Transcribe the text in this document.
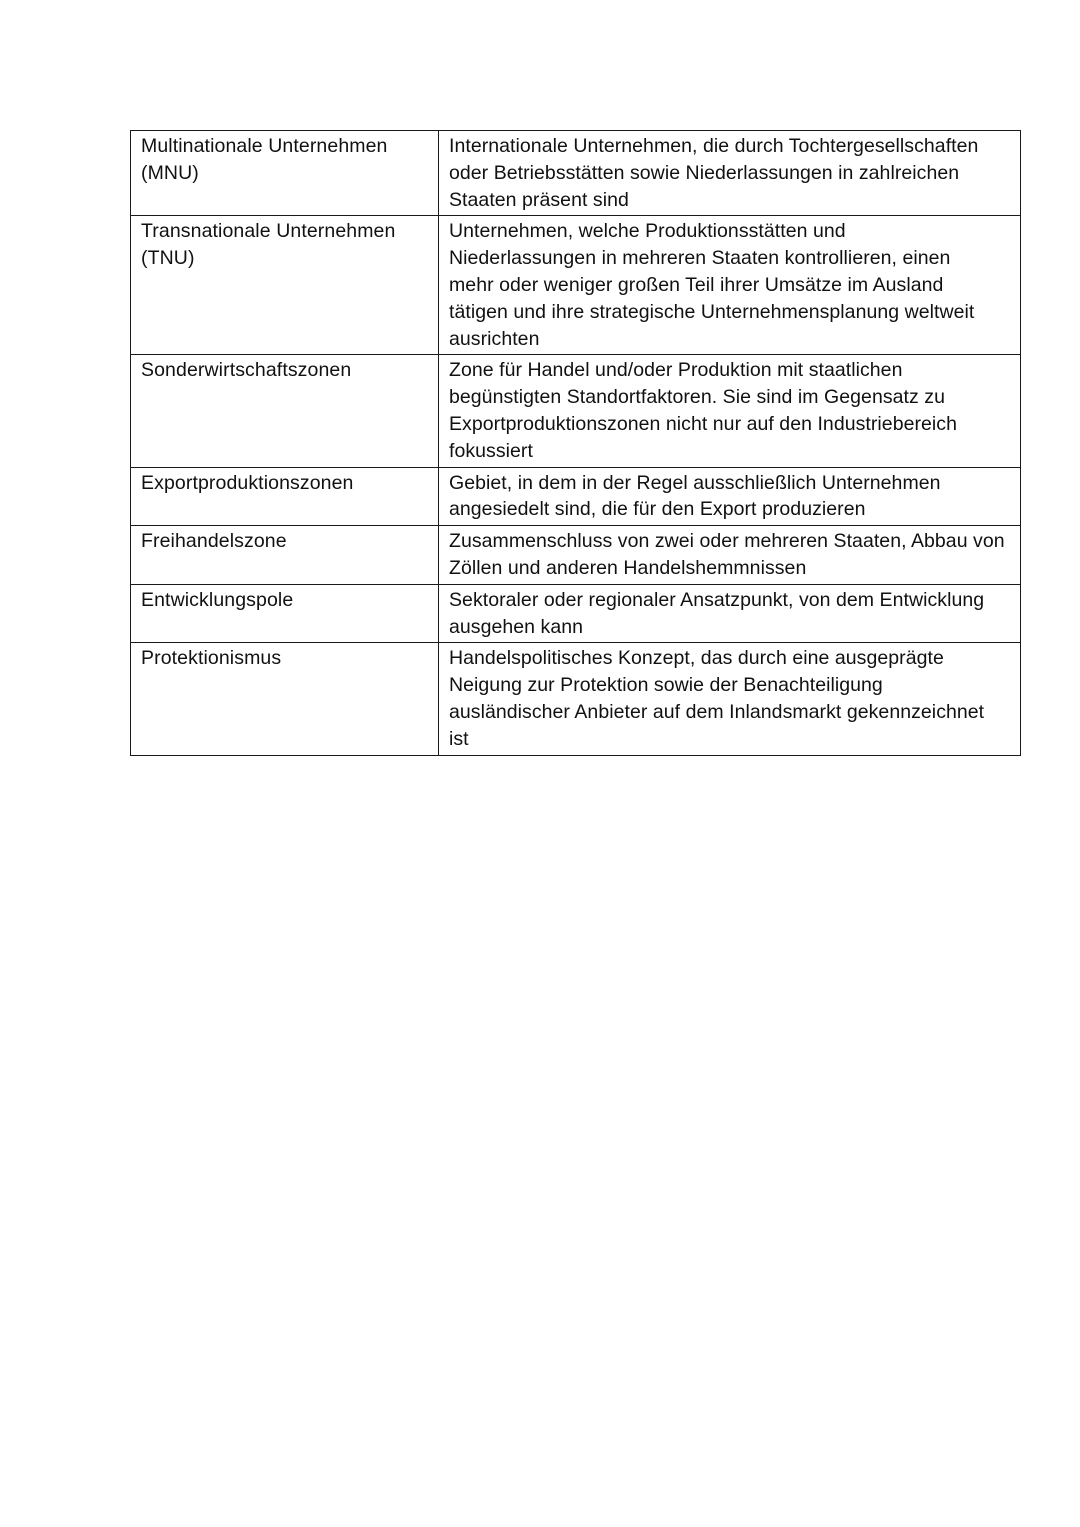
Multinationale Unternehmen
(MNU)	Internationale Unternehmen, die durch Tochtergesellschaften
oder Betriebsstätten sowie Niederlassungen in zahlreichen
Staaten präsent sind

Transnationale Unternehmen
(TNU)	Unternehmen, welche Produktionsstätten und
Niederlassungen in mehreren Staaten kontrollieren, einen
mehr oder weniger großen Teil ihrer Umsätze im Ausland
tätigen und ihre strategische Unternehmensplanung weltweit
ausrichten

Sonderwirtschaftszonen	Zone für Handel und/oder Produktion mit staatlichen
begünstigten Standortfaktoren. Sie sind im Gegensatz zu
Exportproduktionszonen nicht nur auf den Industriebereich
fokussiert

Exportproduktionszonen	Gebiet, in dem in der Regel ausschließlich Unternehmen
angesiedelt sind, die für den Export produzieren

Freihandelszone	Zusammenschluss von zwei oder mehreren Staaten, Abbau von
Zöllen und anderen Handelshemmnissen

Entwicklungspole	Sektoraler oder regionaler Ansatzpunkt, von dem Entwicklung
ausgehen kann

Protektionismus	Handelspolitisches Konzept, das durch eine ausgeprägte
Neigung zur Protektion sowie der Benachteiligung
ausländischer Anbieter auf dem Inlandsmarkt gekennzeichnet
ist
